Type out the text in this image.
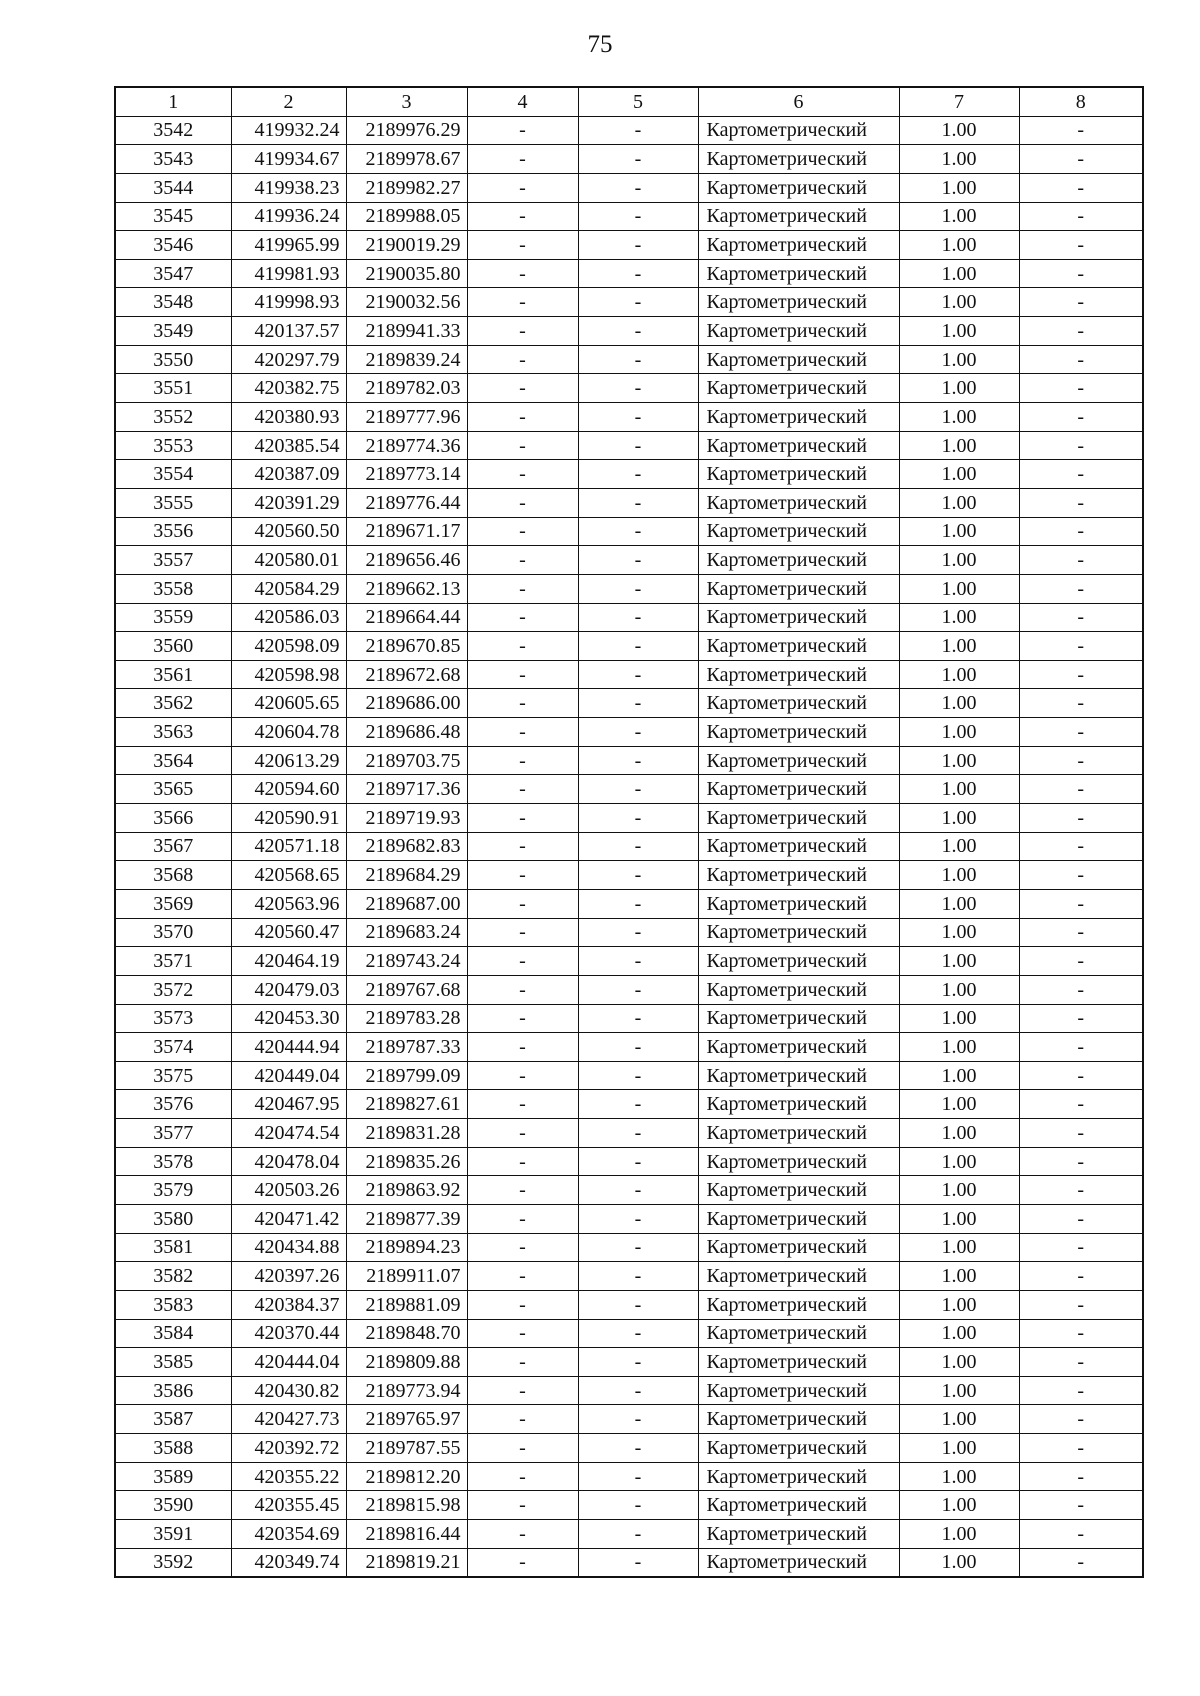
75
1	2	3	4	5	6	7	8
3542	419932.24	2189976.29	-	-	Картометрический	1.00	-
3543	419934.67	2189978.67	-	-	Картометрический	1.00	-
3544	419938.23	2189982.27	-	-	Картометрический	1.00	-
3545	419936.24	2189988.05	-	-	Картометрический	1.00	-
3546	419965.99	2190019.29	-	-	Картометрический	1.00	-
3547	419981.93	2190035.80	-	-	Картометрический	1.00	-
3548	419998.93	2190032.56	-	-	Картометрический	1.00	-
3549	420137.57	2189941.33	-	-	Картометрический	1.00	-
3550	420297.79	2189839.24	-	-	Картометрический	1.00	-
3551	420382.75	2189782.03	-	-	Картометрический	1.00	-
3552	420380.93	2189777.96	-	-	Картометрический	1.00	-
3553	420385.54	2189774.36	-	-	Картометрический	1.00	-
3554	420387.09	2189773.14	-	-	Картометрический	1.00	-
3555	420391.29	2189776.44	-	-	Картометрический	1.00	-
3556	420560.50	2189671.17	-	-	Картометрический	1.00	-
3557	420580.01	2189656.46	-	-	Картометрический	1.00	-
3558	420584.29	2189662.13	-	-	Картометрический	1.00	-
3559	420586.03	2189664.44	-	-	Картометрический	1.00	-
3560	420598.09	2189670.85	-	-	Картометрический	1.00	-
3561	420598.98	2189672.68	-	-	Картометрический	1.00	-
3562	420605.65	2189686.00	-	-	Картометрический	1.00	-
3563	420604.78	2189686.48	-	-	Картометрический	1.00	-
3564	420613.29	2189703.75	-	-	Картометрический	1.00	-
3565	420594.60	2189717.36	-	-	Картометрический	1.00	-
3566	420590.91	2189719.93	-	-	Картометрический	1.00	-
3567	420571.18	2189682.83	-	-	Картометрический	1.00	-
3568	420568.65	2189684.29	-	-	Картометрический	1.00	-
3569	420563.96	2189687.00	-	-	Картометрический	1.00	-
3570	420560.47	2189683.24	-	-	Картометрический	1.00	-
3571	420464.19	2189743.24	-	-	Картометрический	1.00	-
3572	420479.03	2189767.68	-	-	Картометрический	1.00	-
3573	420453.30	2189783.28	-	-	Картометрический	1.00	-
3574	420444.94	2189787.33	-	-	Картометрический	1.00	-
3575	420449.04	2189799.09	-	-	Картометрический	1.00	-
3576	420467.95	2189827.61	-	-	Картометрический	1.00	-
3577	420474.54	2189831.28	-	-	Картометрический	1.00	-
3578	420478.04	2189835.26	-	-	Картометрический	1.00	-
3579	420503.26	2189863.92	-	-	Картометрический	1.00	-
3580	420471.42	2189877.39	-	-	Картометрический	1.00	-
3581	420434.88	2189894.23	-	-	Картометрический	1.00	-
3582	420397.26	2189911.07	-	-	Картометрический	1.00	-
3583	420384.37	2189881.09	-	-	Картометрический	1.00	-
3584	420370.44	2189848.70	-	-	Картометрический	1.00	-
3585	420444.04	2189809.88	-	-	Картометрический	1.00	-
3586	420430.82	2189773.94	-	-	Картометрический	1.00	-
3587	420427.73	2189765.97	-	-	Картометрический	1.00	-
3588	420392.72	2189787.55	-	-	Картометрический	1.00	-
3589	420355.22	2189812.20	-	-	Картометрический	1.00	-
3590	420355.45	2189815.98	-	-	Картометрический	1.00	-
3591	420354.69	2189816.44	-	-	Картометрический	1.00	-
3592	420349.74	2189819.21	-	-	Картометрический	1.00	-
